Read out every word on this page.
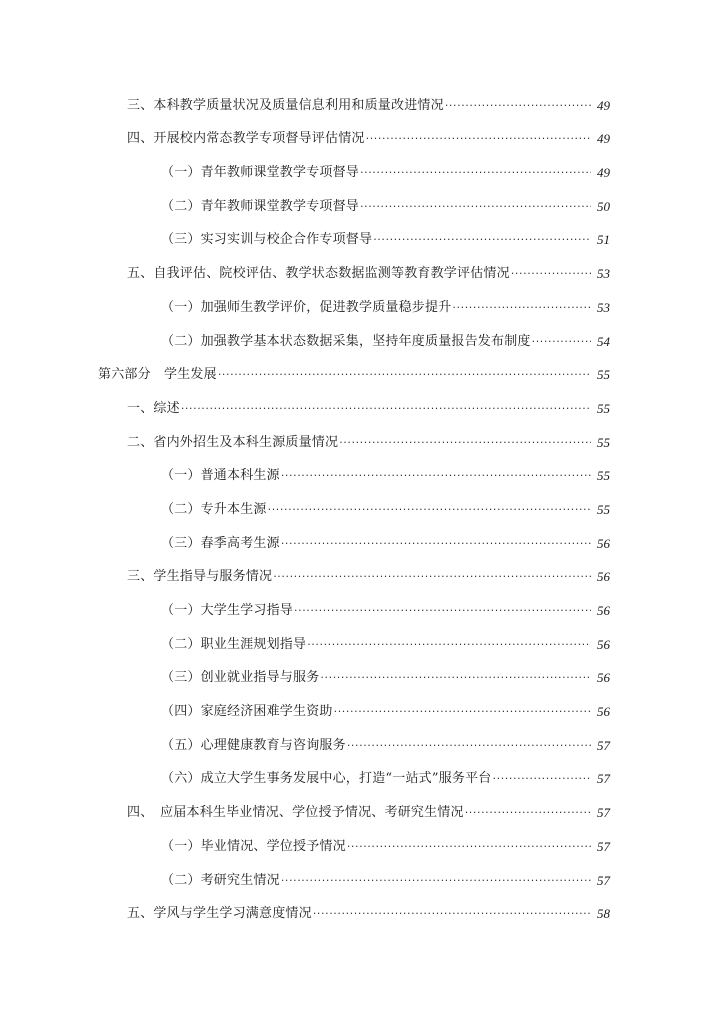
三、本科教学质量状况及质量信息利用和质量改进情况 ·····	49
四、开展校内常态教学专项督导评估情况 ·····	49
（一）青年教师课堂教学专项督导 ·····	49
（二）青年教师课堂教学专项督导 ·····	50
（三）实习实训与校企合作专项督导 ·····	51
五、自我评估、院校评估、教学状态数据监测等教育教学评估情况 ·····	53
（一）加强师生教学评价，促进教学质量稳步提升 ·····	53
（二）加强教学基本状态数据采集，坚持年度质量报告发布制度 ·····	54
第六部分　学生发展 ·····	55
一、综述 ·····	55
二、省内外招生及本科生源质量情况 ·····	55
（一）普通本科生源 ·····	55
（二）专升本生源 ·····	55
（三）春季高考生源 ·····	56
三、学生指导与服务情况 ·····	56
（一）大学生学习指导 ·····	56
（二）职业生涯规划指导 ·····	56
（三）创业就业指导与服务 ·····	56
（四）家庭经济困难学生资助 ·····	56
（五）心理健康教育与咨询服务 ·····	57
（六）成立大学生事务发展中心，打造“一站式”服务平台 ·····	57
四、　应届本科生毕业情况、学位授予情况、考研究生情况 ·····	57
（一）毕业情况、学位授予情况 ·····	57
（二）考研究生情况 ·····	57
五、学风与学生学习满意度情况 ·····	58
